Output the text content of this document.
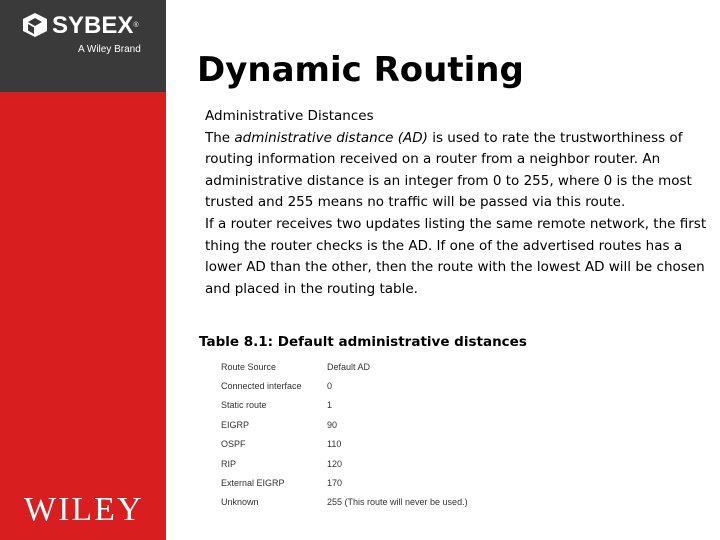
SYBEX®
A Wiley Brand
WILEY
Dynamic Routing

Administrative Distances

The administrative distance (AD) is used to rate the trustworthiness of routing information received on a router from a neighbor router. An administrative distance is an integer from 0 to 255, where 0 is the most trusted and 255 means no traffic will be passed via this route.

If a router receives two updates listing the same remote network, the first thing the router checks is the AD. If one of the advertised routes has a lower AD than the other, then the route with the lowest AD will be chosen and placed in the routing table.

Table 8.1: Default administrative distances
Route Source	Default AD
Connected interface	0
Static route	1
EIGRP	90
OSPF	110
RIP	120
External EIGRP	170
Unknown	255 (This route will never be used.)
